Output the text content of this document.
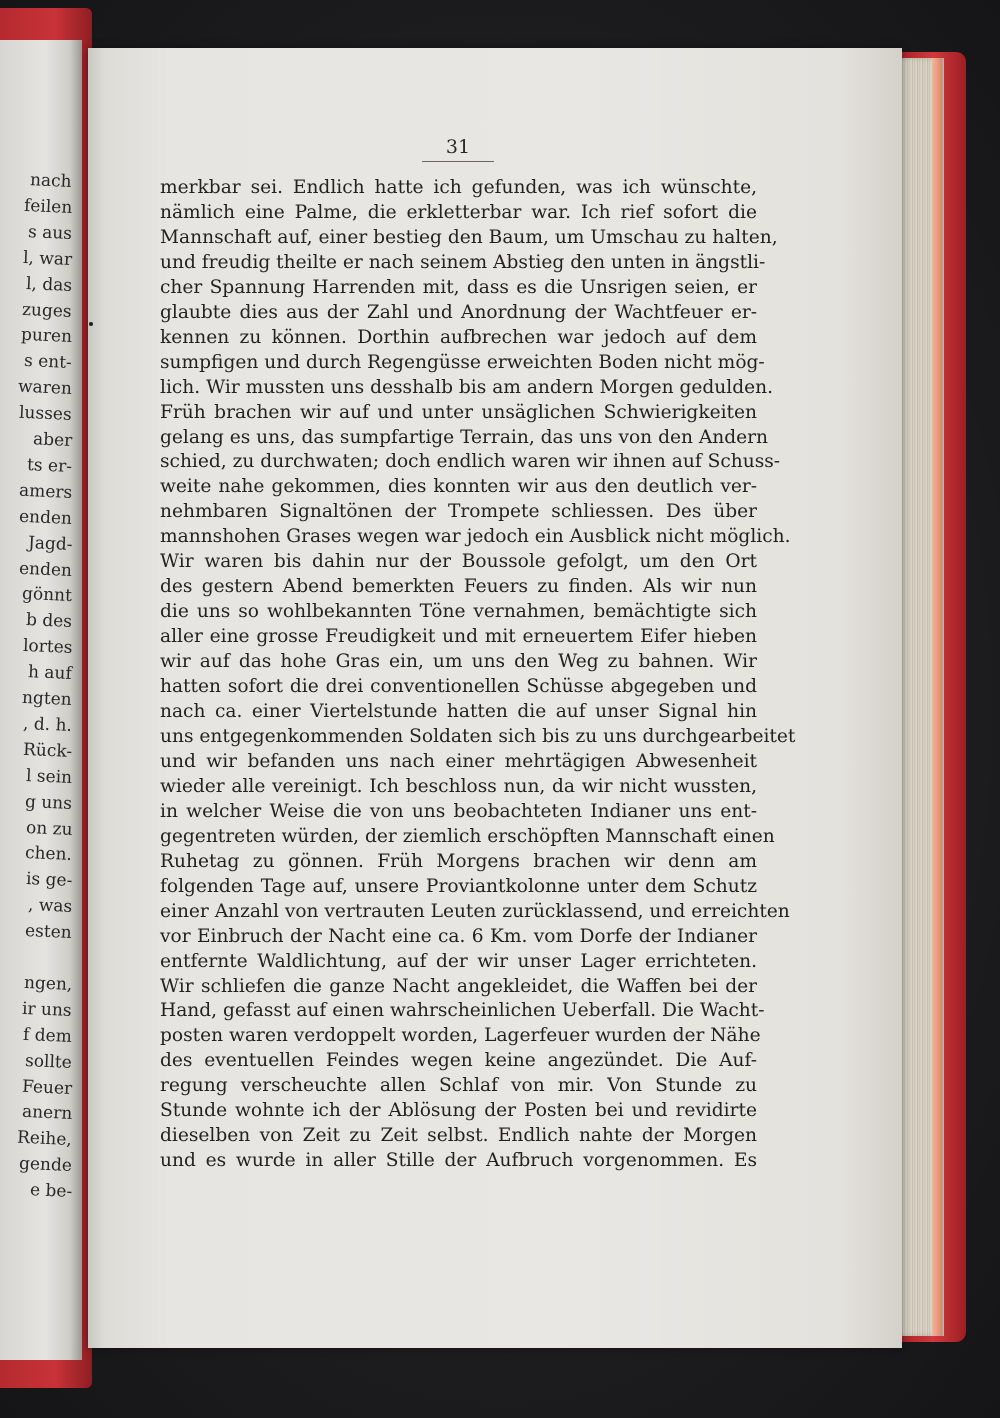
nach
feilen
s aus
l, war
l, das
zuges
puren
s ent-
waren
lusses
aber
ts er-
amers
enden
Jagd-
enden
gönnt
b des
lortes
h auf
ngten
, d. h.
Rück-
l sein
g uns
on zu
chen.
is ge-
, was
esten
ngen,
ir uns
f dem
sollte
Feuer
anern
Reihe,
gende
e be-
31
merkbar sei. Endlich hatte ich gefunden, was ich wünschte,
nämlich eine Palme, die erkletterbar war. Ich rief sofort die
Mannschaft auf, einer bestieg den Baum, um Umschau zu halten,
und freudig theilte er nach seinem Abstieg den unten in ängstli-
cher Spannung Harrenden mit, dass es die Unsrigen seien, er
glaubte dies aus der Zahl und Anordnung der Wachtfeuer er-
kennen zu können. Dorthin aufbrechen war jedoch auf dem
sumpfigen und durch Regengüsse erweichten Boden nicht mög-
lich. Wir mussten uns desshalb bis am andern Morgen gedulden.
Früh brachen wir auf und unter unsäglichen Schwierigkeiten
gelang es uns, das sumpfartige Terrain, das uns von den Andern
schied, zu durchwaten; doch endlich waren wir ihnen auf Schuss-
weite nahe gekommen, dies konnten wir aus den deutlich ver-
nehmbaren Signaltönen der Trompete schliessen. Des über
mannshohen Grases wegen war jedoch ein Ausblick nicht möglich.
Wir waren bis dahin nur der Boussole gefolgt, um den Ort
des gestern Abend bemerkten Feuers zu finden. Als wir nun
die uns so wohlbekannten Töne vernahmen, bemächtigte sich
aller eine grosse Freudigkeit und mit erneuertem Eifer hieben
wir auf das hohe Gras ein, um uns den Weg zu bahnen. Wir
hatten sofort die drei conventionellen Schüsse abgegeben und
nach ca. einer Viertelstunde hatten die auf unser Signal hin
uns entgegenkommenden Soldaten sich bis zu uns durchgearbeitet
und wir befanden uns nach einer mehrtägigen Abwesenheit
wieder alle vereinigt. Ich beschloss nun, da wir nicht wussten,
in welcher Weise die von uns beobachteten Indianer uns ent-
gegentreten würden, der ziemlich erschöpften Mannschaft einen
Ruhetag zu gönnen. Früh Morgens brachen wir denn am
folgenden Tage auf, unsere Proviantkolonne unter dem Schutz
einer Anzahl von vertrauten Leuten zurücklassend, und erreichten
vor Einbruch der Nacht eine ca. 6 Km. vom Dorfe der Indianer
entfernte Waldlichtung, auf der wir unser Lager errichteten.
Wir schliefen die ganze Nacht angekleidet, die Waffen bei der
Hand, gefasst auf einen wahrscheinlichen Ueberfall. Die Wacht-
posten waren verdoppelt worden, Lagerfeuer wurden der Nähe
des eventuellen Feindes wegen keine angezündet. Die Auf-
regung verscheuchte allen Schlaf von mir. Von Stunde zu
Stunde wohnte ich der Ablösung der Posten bei und revidirte
dieselben von Zeit zu Zeit selbst. Endlich nahte der Morgen
und es wurde in aller Stille der Aufbruch vorgenommen. Es
